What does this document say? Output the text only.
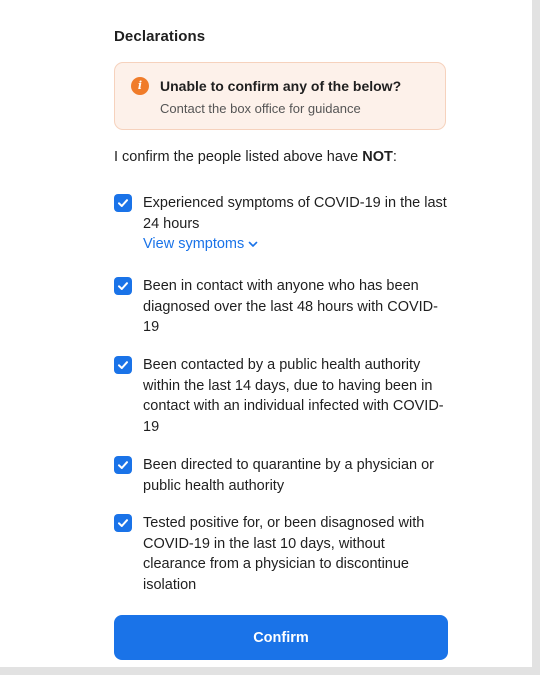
Declarations
i	Unable to confirm any of the below?
Contact the box office for guidance
I confirm the people listed above have NOT:
Experienced symptoms of COVID-19 in the last 24 hours
View symptoms
Been in contact with anyone who has been diagnosed over the last 48 hours with COVID-19
Been contacted by a public health authority within the last 14 days, due to having been in contact with an individual infected with COVID-19
Been directed to quarantine by a physician or public health authority
Tested positive for, or been disagnosed with COVID-19 in the last 10 days, without clearance from a physician to discontinue isolation
Confirm
